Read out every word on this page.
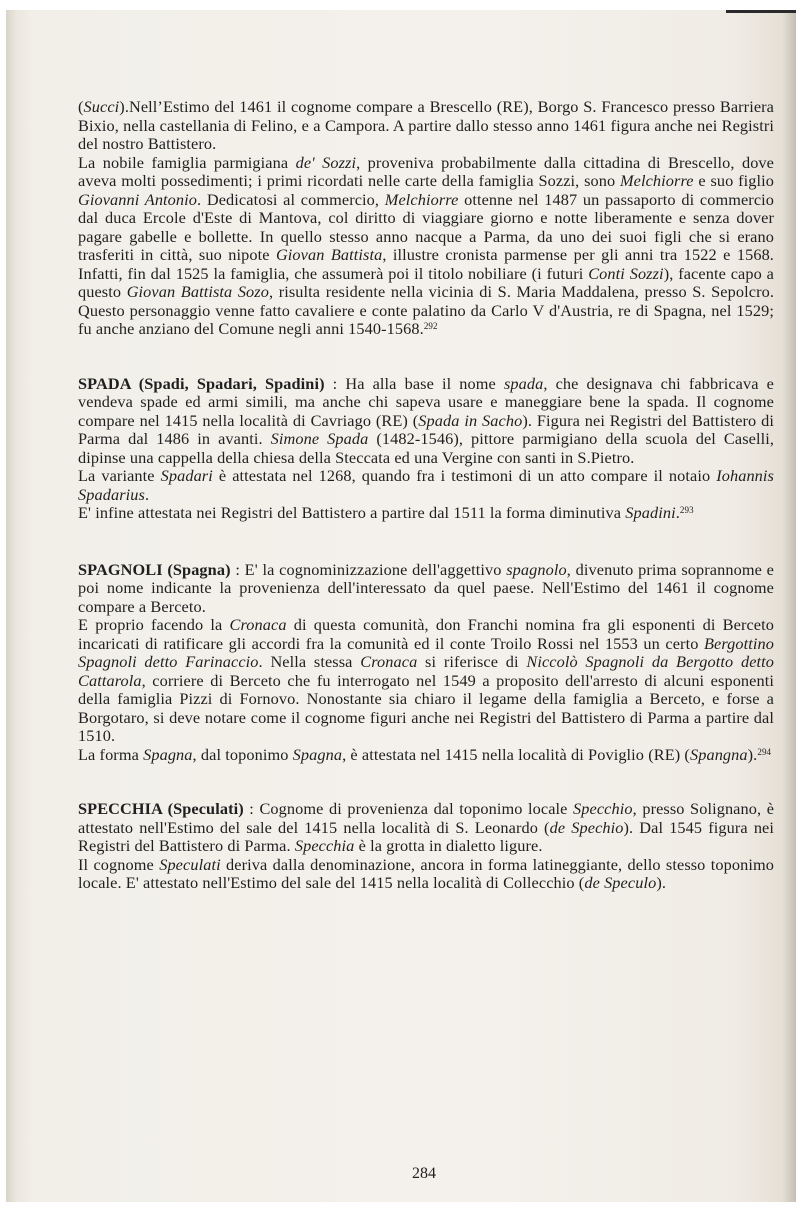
(Succi).Nell’Estimo del 1461 il cognome compare a Brescello (RE), Borgo S. Francesco presso Barriera Bixio, nella castellania di Felino, e a Campora. A partire dallo stesso anno 1461 figura anche nei Registri del nostro Battistero.

La nobile famiglia parmigiana de' Sozzi, proveniva probabilmente dalla cittadina di Brescello, dove aveva molti possedimenti; i primi ricordati nelle carte della famiglia Sozzi, sono Melchiorre e suo figlio Giovanni Antonio. Dedicatosi al commercio, Melchiorre ottenne nel 1487 un passaporto di commercio dal duca Ercole d'Este di Mantova, col diritto di viaggiare giorno e notte liberamente e senza dover pagare gabelle e bollette. In quello stesso anno nacque a Parma, da uno dei suoi figli che si erano trasferiti in città, suo nipote Giovan Battista, illustre cronista parmense per gli anni tra 1522 e 1568. Infatti, fin dal 1525 la famiglia, che assumerà poi il titolo nobiliare (i futuri Conti Sozzi), facente capo a questo Giovan Battista Sozo, risulta residente nella vicinia di S. Maria Maddalena, presso S. Sepolcro. Questo personaggio venne fatto cavaliere e conte palatino da Carlo V d'Austria, re di Spagna, nel 1529; fu anche anziano del Comune negli anni 1540-1568.$^{292}$

SPADA (Spadi, Spadari, Spadini) : Ha alla base il nome spada, che designava chi fabbricava e vendeva spade ed armi simili, ma anche chi sapeva usare e maneggiare bene la spada. Il cognome compare nel 1415 nella località di Cavriago (RE) (Spada in Sacho). Figura nei Registri del Battistero di Parma dal 1486 in avanti. Simone Spada (1482-1546), pittore parmigiano della scuola del Caselli, dipinse una cappella della chiesa della Steccata ed una Vergine con santi in S.Pietro.

La variante Spadari è attestata nel 1268, quando fra i testimoni di un atto compare il notaio Iohannis Spadarius.

E' infine attestata nei Registri del Battistero a partire dal 1511 la forma diminutiva Spadini.$^{293}$

SPAGNOLI (Spagna) : E' la cognominizzazione dell'aggettivo spagnolo, divenuto prima soprannome e poi nome indicante la provenienza dell'interessato da quel paese. Nell'Estimo del 1461 il cognome compare a Berceto.

E proprio facendo la Cronaca di questa comunità, don Franchi nomina fra gli esponenti di Berceto incaricati di ratificare gli accordi fra la comunità ed il conte Troilo Rossi nel 1553 un certo Bergottino Spagnoli detto Farinaccio. Nella stessa Cronaca si riferisce di Niccolò Spagnoli da Bergotto detto Cattarola, corriere di Berceto che fu interrogato nel 1549 a proposito dell'arresto di alcuni esponenti della famiglia Pizzi di Fornovo. Nonostante sia chiaro il legame della famiglia a Berceto, e forse a Borgotaro, si deve notare come il cognome figuri anche nei Registri del Battistero di Parma a partire dal 1510.

La forma Spagna, dal toponimo Spagna, è attestata nel 1415 nella località di Poviglio (RE) (Spangna).$^{294}$

SPECCHIA (Speculati) : Cognome di provenienza dal toponimo locale Specchio, presso Solignano, è attestato nell'Estimo del sale del 1415 nella località di S. Leonardo (de Spechio). Dal 1545 figura nei Registri del Battistero di Parma. Specchia è la grotta in dialetto ligure.

Il cognome Speculati deriva dalla denominazione, ancora in forma latineggiante, dello stesso toponimo locale. E' attestato nell'Estimo del sale del 1415 nella località di Collecchio (de Speculo).

284
